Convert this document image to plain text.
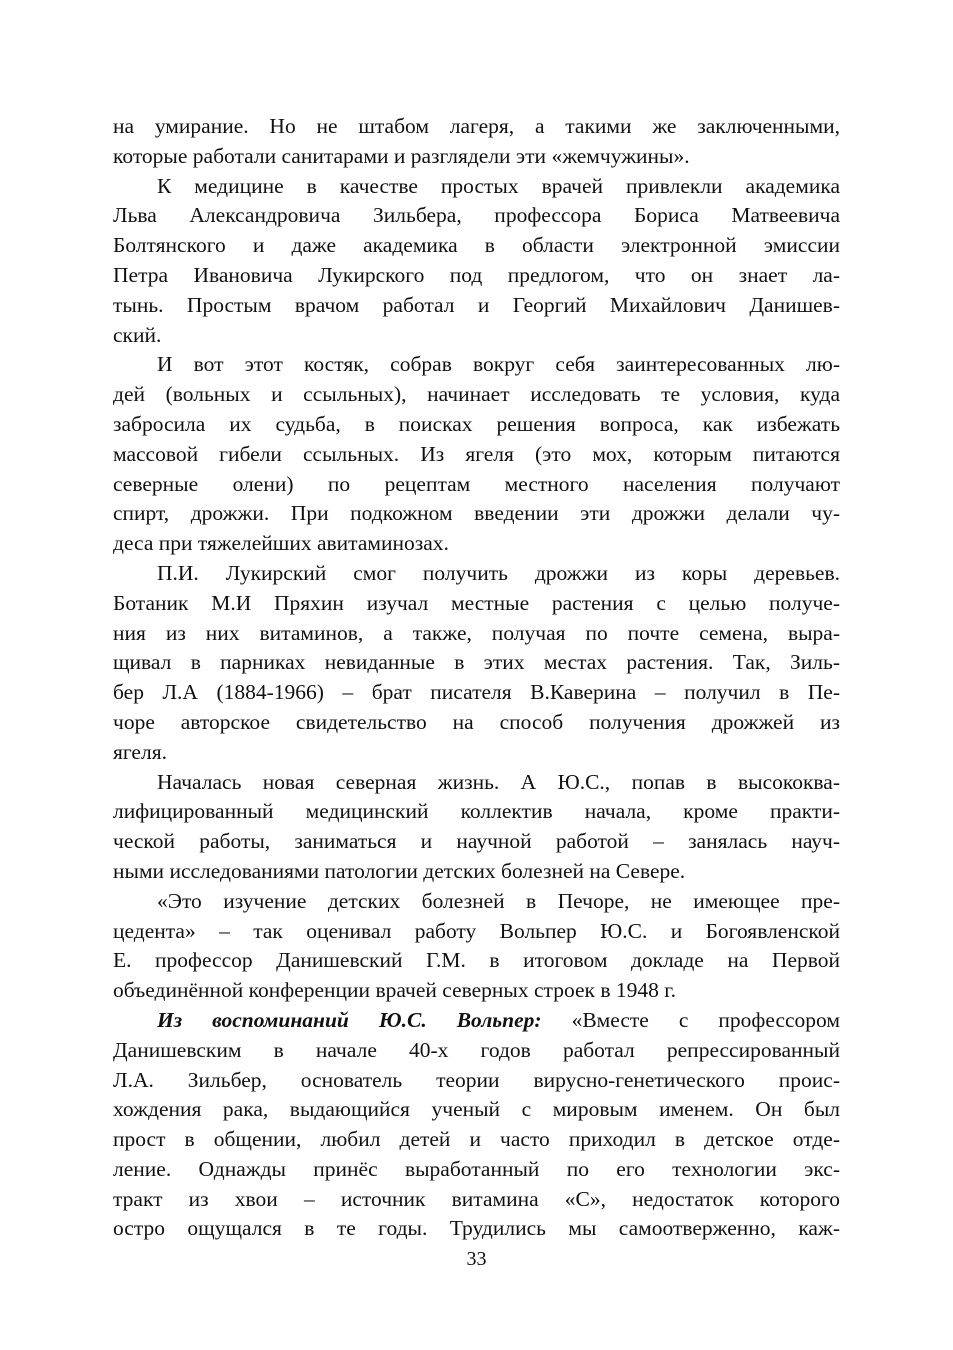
на умирание. Но не штабом лагеря, а такими же заключенными,
которые работали санитарами и разглядели эти «жемчужины».

К медицине в качестве простых врачей привлекли академика
Льва Александровича Зильбера, профессора Бориса Матвеевича
Болтянского и даже академика в области электронной эмиссии
Петра Ивановича Лукирского под предлогом, что он знает ла-
тынь. Простым врачом работал и Георгий Михайлович Данишев-
ский.

И вот этот костяк, собрав вокруг себя заинтересованных лю-
дей (вольных и ссыльных), начинает исследовать те условия, куда
забросила их судьба, в поисках решения вопроса, как избежать
массовой гибели ссыльных. Из ягеля (это мох, которым питаются
северные олени) по рецептам местного населения получают
спирт, дрожжи. При подкожном введении эти дрожжи делали чу-
деса при тяжелейших авитаминозах.

П.И. Лукирский смог получить дрожжи из коры деревьев.
Ботаник М.И Пряхин изучал местные растения с целью получе-
ния из них витаминов, а также, получая по почте семена, выра-
щивал в парниках невиданные в этих местах растения. Так, Зиль-
бер Л.А (1884-1966) – брат писателя В.Каверина – получил в Пе-
чоре авторское свидетельство на способ получения дрожжей из
ягеля.

Началась новая северная жизнь. А Ю.С., попав в высококва-
лифицированный медицинский коллектив начала, кроме практи-
ческой работы, заниматься и научной работой – занялась науч-
ными исследованиями патологии детских болезней на Севере.

«Это изучение детских болезней в Печоре, не имеющее пре-
цедента» – так оценивал работу Вольпер Ю.С. и Богоявленской
Е. профессор Данишевский Г.М. в итоговом докладе на Первой
объединённой конференции врачей северных строек в 1948 г.

Из воспоминаний Ю.С. Вольпер: «Вместе с профессором
Данишевским в начале 40-х годов работал репрессированный
Л.А. Зильбер, основатель теории вирусно-генетического проис-
хождения рака, выдающийся ученый с мировым именем. Он был
прост в общении, любил детей и часто приходил в детское отде-
ление. Однажды принёс выработанный по его технологии экс-
тракт из хвои – источник витамина «С», недостаток которого
остро ощущался в те годы. Трудились мы самоотверженно, каж-

33
